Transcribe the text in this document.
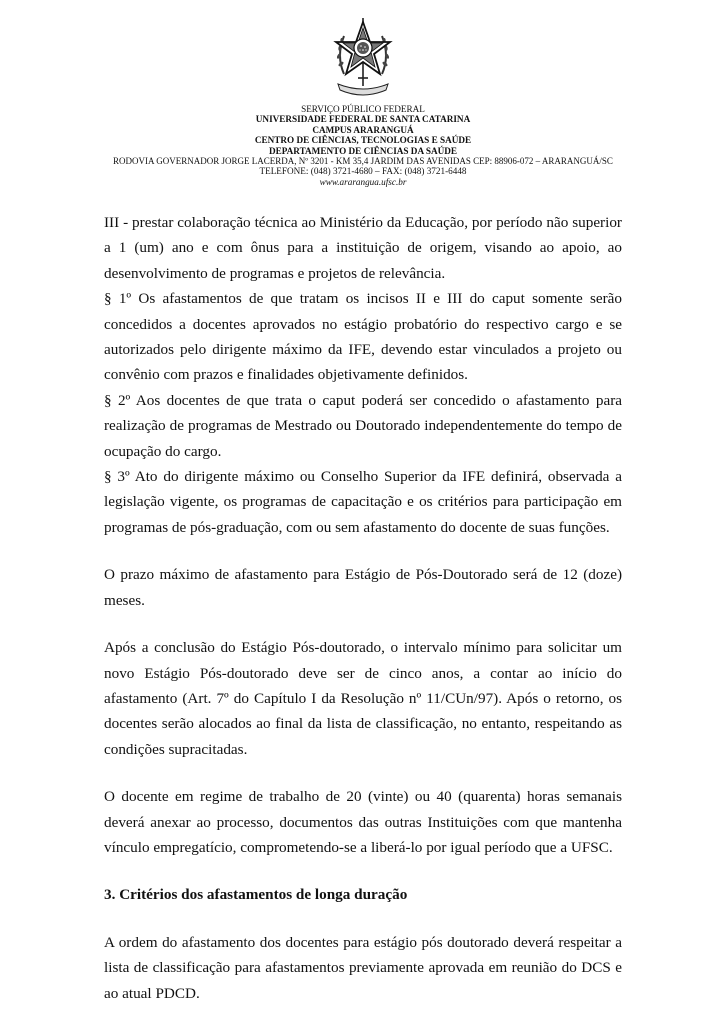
SERVIÇO PÚBLICO FEDERAL
UNIVERSIDADE FEDERAL DE SANTA CATARINA
CAMPUS ARARANGUÁ
CENTRO DE CIÊNCIAS, TECNOLOGIAS E SAÚDE
DEPARTAMENTO DE CIÊNCIAS DA SAÚDE
RODOVIA GOVERNADOR JORGE LACERDA, Nº 3201 - KM 35,4 JARDIM DAS AVENIDAS CEP: 88906-072 – ARARANGUÁ/SC
TELEFONE: (048) 3721-4680 – FAX: (048) 3721-6448
www.ararangua.ufsc.br

III - prestar colaboração técnica ao Ministério da Educação, por período não superior a 1 (um) ano e com ônus para a instituição de origem, visando ao apoio, ao desenvolvimento de programas e projetos de relevância.

§ 1º Os afastamentos de que tratam os incisos II e III do caput somente serão concedidos a docentes aprovados no estágio probatório do respectivo cargo e se autorizados pelo dirigente máximo da IFE, devendo estar vinculados a projeto ou convênio com prazos e finalidades objetivamente definidos.

§ 2º Aos docentes de que trata o caput poderá ser concedido o afastamento para realização de programas de Mestrado ou Doutorado independentemente do tempo de ocupação do cargo.

§ 3º Ato do dirigente máximo ou Conselho Superior da IFE definirá, observada a legislação vigente, os programas de capacitação e os critérios para participação em programas de pós-graduação, com ou sem afastamento do docente de suas funções.

O prazo máximo de afastamento para Estágio de Pós-Doutorado será de 12 (doze) meses.

Após a conclusão do Estágio Pós-doutorado, o intervalo mínimo para solicitar um novo Estágio Pós-doutorado deve ser de cinco anos, a contar ao início do afastamento (Art. 7º do Capítulo I da Resolução nº 11/CUn/97). Após o retorno, os docentes serão alocados ao final da lista de classificação, no entanto, respeitando as condições supracitadas.

O docente em regime de trabalho de 20 (vinte) ou 40 (quarenta) horas semanais deverá anexar ao processo, documentos das outras Instituições com que mantenha vínculo empregatício, comprometendo-se a liberá-lo por igual período que a UFSC.

3. Critérios dos afastamentos de longa duração

A ordem do afastamento dos docentes para estágio pós doutorado deverá respeitar a lista de classificação para afastamentos previamente aprovada em reunião do DCS e ao atual PDCD.
